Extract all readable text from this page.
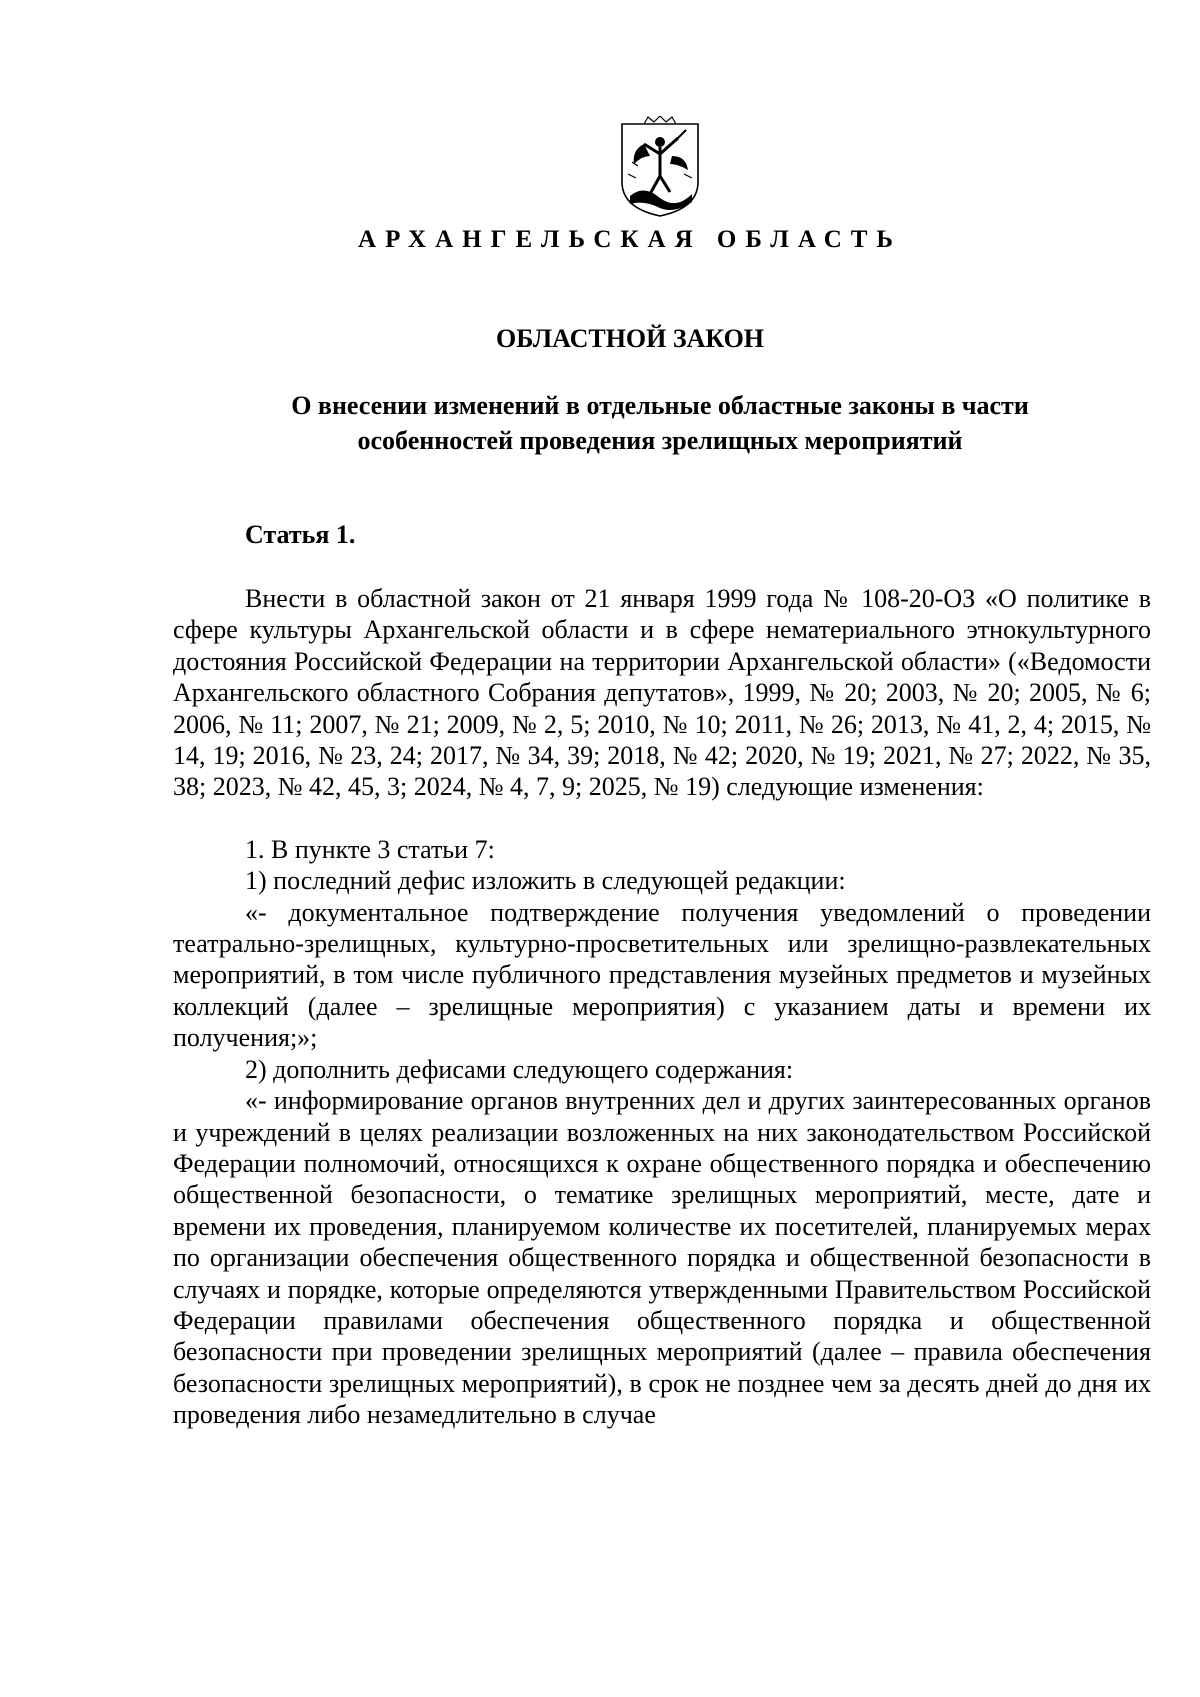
АРХАНГЕЛЬСКАЯ ОБЛАСТЬ
ОБЛАСТНОЙ ЗАКОН
О внесении изменений в отдельные областные законы в части
особенностей проведения зрелищных мероприятий
Статья 1.

Внести в областной закон от 21 января 1999 года № 108-20-ОЗ «О политике в сфере культуры Архангельской области и в сфере нематериального этнокультурного достояния Российской Федерации на территории Архангельской области» («Ведомости Архангельского областного Собрания депутатов», 1999, № 20; 2003, № 20; 2005, № 6; 2006, № 11; 2007, № 21; 2009, № 2, 5; 2010, № 10; 2011, № 26; 2013, № 41, 2, 4; 2015, № 14, 19; 2016, № 23, 24; 2017, № 34, 39; 2018, № 42; 2020, № 19; 2021, № 27; 2022, № 35, 38; 2023, № 42, 45, 3; 2024, № 4, 7, 9; 2025, № 19) следующие изменения:

1. В пункте 3 статьи 7:

1) последний дефис изложить в следующей редакции:

«- документальное подтверждение получения уведомлений о проведении театрально-зрелищных, культурно-просветительных или зрелищно-развлекательных мероприятий, в том числе публичного представления музейных предметов и музейных коллекций (далее – зрелищные мероприятия) с указанием даты и времени их получения;»;

2) дополнить дефисами следующего содержания:

«- информирование органов внутренних дел и других заинтересованных органов и учреждений в целях реализации возложенных на них законодательством Российской Федерации полномочий, относящихся к охране общественного порядка и обеспечению общественной безопасности, о тематике зрелищных мероприятий, месте, дате и времени их проведения, планируемом количестве их посетителей, планируемых мерах по организации обеспечения общественного порядка и общественной безопасности в случаях и порядке, которые определяются утвержденными Правительством Российской Федерации правилами обеспечения общественного порядка и общественной безопасности при проведении зрелищных мероприятий (далее – правила обеспечения безопасности зрелищных мероприятий), в срок не позднее чем за десять дней до дня их проведения либо незамедлительно в случае
